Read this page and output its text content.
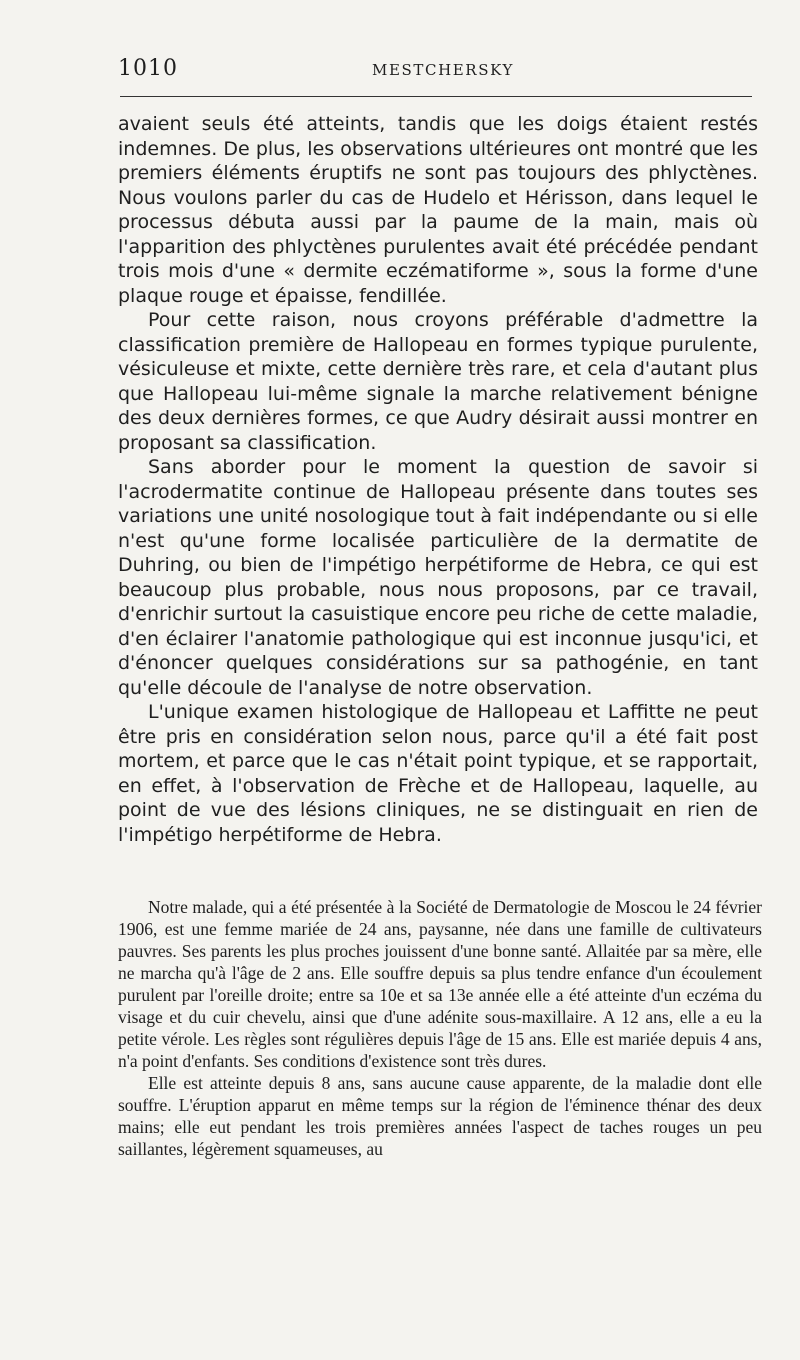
1010	MESTCHERSKY

avaient seuls été atteints, tandis que les doigs étaient restés indemnes. De plus, les observations ultérieures ont montré que les premiers éléments éruptifs ne sont pas toujours des phlyctènes. Nous voulons parler du cas de Hudelo et Hérisson, dans lequel le processus débuta aussi par la paume de la main, mais où l'apparition des phlyctènes purulentes avait été précédée pendant trois mois d'une « dermite eczématiforme », sous la forme d'une plaque rouge et épaisse, fendillée.

Pour cette raison, nous croyons préférable d'admettre la classification première de Hallopeau en formes typique purulente, vésiculeuse et mixte, cette dernière très rare, et cela d'autant plus que Hallopeau lui-même signale la marche relativement bénigne des deux dernières formes, ce que Audry désirait aussi montrer en proposant sa classification.

Sans aborder pour le moment la question de savoir si l'acrodermatite continue de Hallopeau présente dans toutes ses variations une unité nosologique tout à fait indépendante ou si elle n'est qu'une forme localisée particulière de la dermatite de Duhring, ou bien de l'impétigo herpétiforme de Hebra, ce qui est beaucoup plus probable, nous nous proposons, par ce travail, d'enrichir surtout la casuistique encore peu riche de cette maladie, d'en éclairer l'anatomie pathologique qui est inconnue jusqu'ici, et d'énoncer quelques considérations sur sa pathogénie, en tant qu'elle découle de l'analyse de notre observation.

L'unique examen histologique de Hallopeau et Laffitte ne peut être pris en considération selon nous, parce qu'il a été fait post mortem, et parce que le cas n'était point typique, et se rapportait, en effet, à l'observation de Frèche et de Hallopeau, laquelle, au point de vue des lésions cliniques, ne se distinguait en rien de l'impétigo herpétiforme de Hebra.

Notre malade, qui a été présentée à la Société de Dermatologie de Moscou le 24 février 1906, est une femme mariée de 24 ans, paysanne, née dans une famille de cultivateurs pauvres. Ses parents les plus proches jouissent d'une bonne santé. Allaitée par sa mère, elle ne marcha qu'à l'âge de 2 ans. Elle souffre depuis sa plus tendre enfance d'un écoulement purulent par l'oreille droite; entre sa 10e et sa 13e année elle a été atteinte d'un eczéma du visage et du cuir chevelu, ainsi que d'une adénite sous-maxillaire. A 12 ans, elle a eu la petite vérole. Les règles sont régulières depuis l'âge de 15 ans. Elle est mariée depuis 4 ans, n'a point d'enfants. Ses conditions d'existence sont très dures.

Elle est atteinte depuis 8 ans, sans aucune cause apparente, de la maladie dont elle souffre. L'éruption apparut en même temps sur la région de l'éminence thénar des deux mains; elle eut pendant les trois premières années l'aspect de taches rouges un peu saillantes, légèrement squameuses, au
